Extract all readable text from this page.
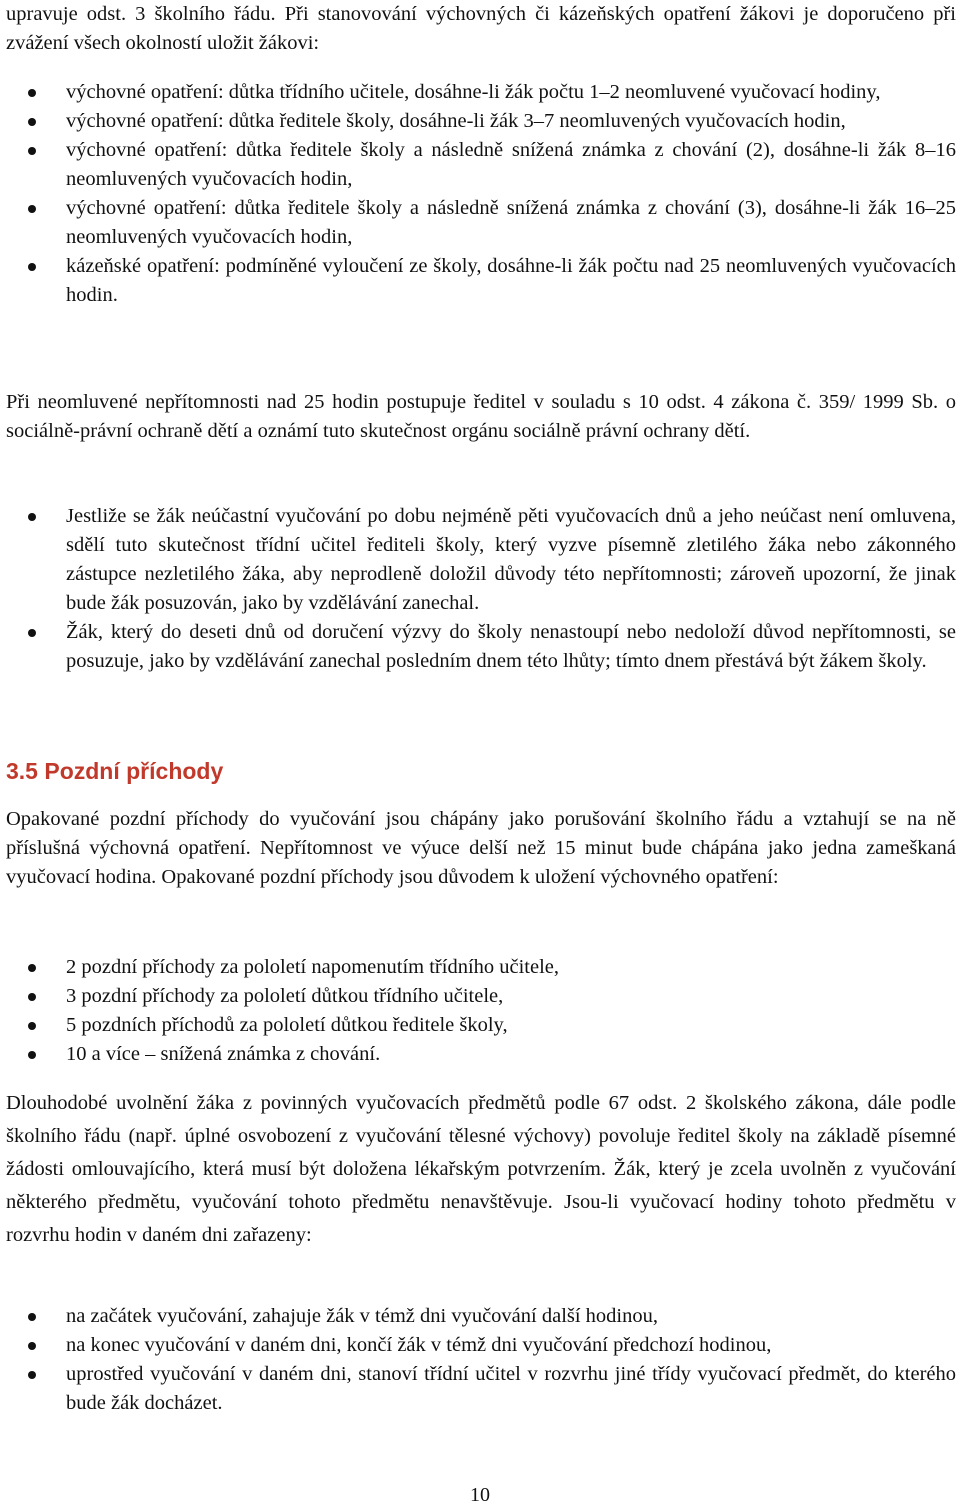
upravuje odst. 3 školního řádu. Při stanovování výchovných či kázeňských opatření žákovi je doporučeno při zvážení všech okolností uložit žákovi:

výchovné opatření: důtka třídního učitele, dosáhne-li žák počtu 1–2 neomluvené vyučovací hodiny,
výchovné opatření: důtka ředitele školy, dosáhne-li žák 3–7 neomluvených vyučovacích hodin,
výchovné opatření: důtka ředitele školy a následně snížená známka z chování (2), dosáhne-li žák 8–16 neomluvených vyučovacích hodin,
výchovné opatření: důtka ředitele školy a následně snížená známka z chování (3), dosáhne-li žák 16–25 neomluvených vyučovacích hodin,
kázeňské opatření: podmíněné vyloučení ze školy, dosáhne-li žák počtu nad 25 neomluvených vyučovacích hodin.

Při neomluvené nepřítomnosti nad 25 hodin postupuje ředitel v souladu s 10 odst. 4 zákona č. 359/ 1999 Sb. o sociálně-právní ochraně dětí a oznámí tuto skutečnost orgánu sociálně právní ochrany dětí.

Jestliže se žák neúčastní vyučování po dobu nejméně pěti vyučovacích dnů a jeho neúčast není omluvena, sdělí tuto skutečnost třídní učitel řediteli školy, který vyzve písemně zletilého žáka nebo zákonného zástupce nezletilého žáka, aby neprodleně doložil důvody této nepřítomnosti; zároveň upozorní, že jinak bude žák posuzován, jako by vzdělávání zanechal.
Žák, který do deseti dnů od doručení výzvy do školy nenastoupí nebo nedoloží důvod nepřítomnosti, se posuzuje, jako by vzdělávání zanechal posledním dnem této lhůty; tímto dnem přestává být žákem školy.
3.5 Pozdní příchody

Opakované pozdní příchody do vyučování jsou chápány jako porušování školního řádu a vztahují se na ně příslušná výchovná opatření. Nepřítomnost ve výuce delší než 15 minut bude chápána jako jedna zameškaná vyučovací hodina. Opakované pozdní příchody jsou důvodem k uložení výchovného opatření:

2 pozdní příchody za pololetí napomenutím třídního učitele,
3 pozdní příchody za pololetí důtkou třídního učitele,
5 pozdních příchodů za pololetí důtkou ředitele školy,
10 a více – snížená známka z chování.

Dlouhodobé uvolnění žáka z povinných vyučovacích předmětů podle 67 odst. 2 školského zákona, dále podle školního řádu (např. úplné osvobození z vyučování tělesné výchovy) povoluje ředitel školy na základě písemné žádosti omlouvajícího, která musí být doložena lékařským potvrzením. Žák, který je zcela uvolněn z vyučování některého předmětu, vyučování tohoto předmětu nenavštěvuje. Jsou-li vyučovací hodiny tohoto předmětu v rozvrhu hodin v daném dni zařazeny:

na začátek vyučování, zahajuje žák v témž dni vyučování další hodinou,
na konec vyučování v daném dni, končí žák v témž dni vyučování předchozí hodinou,
uprostřed vyučování v daném dni, stanoví třídní učitel v rozvrhu jiné třídy vyučovací předmět, do kterého bude žák docházet.
10
